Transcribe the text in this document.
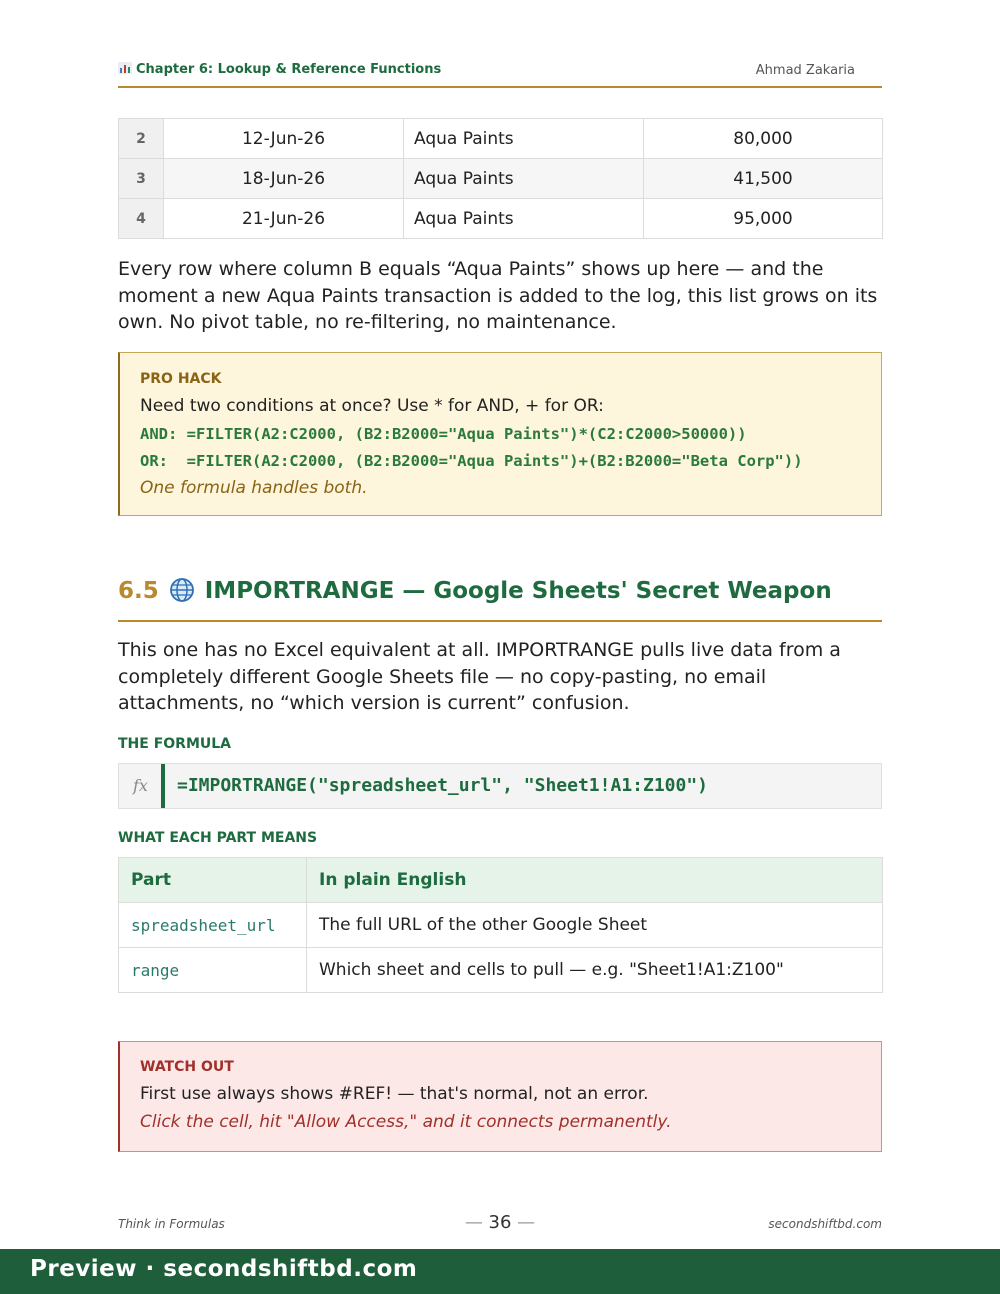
Chapter 6: Lookup & Reference Functions	Ahmad Zakaria
2	12-Jun-26	Aqua Paints	80,000
3	18-Jun-26	Aqua Paints	41,500
4	21-Jun-26	Aqua Paints	95,000
Every row where column B equals “Aqua Paints” shows up here — and the moment a new Aqua Paints transaction is added to the log, this list grows on its own. No pivot table, no re-filtering, no maintenance.
PRO HACK
Need two conditions at once? Use * for AND, + for OR:
AND: =FILTER(A2:C2000, (B2:B2000="Aqua Paints")*(C2:C2000>50000))
OR:  =FILTER(A2:C2000, (B2:B2000="Aqua Paints")+(B2:B2000="Beta Corp"))
One formula handles both.
6.5 IMPORTRANGE — Google Sheets' Secret Weapon
This one has no Excel equivalent at all. IMPORTRANGE pulls live data from a completely different Google Sheets file — no copy-pasting, no email attachments, no “which version is current” confusion.
THE FORMULA
fx =IMPORTRANGE("spreadsheet_url", "Sheet1!A1:Z100")
WHAT EACH PART MEANS
Part	In plain English
spreadsheet_url	The full URL of the other Google Sheet
range	Which sheet and cells to pull — e.g. "Sheet1!A1:Z100"
WATCH OUT
First use always shows #REF! — that's normal, not an error.
Click the cell, hit "Allow Access," and it connects permanently.
Think in Formulas	— 36 —	secondshiftbd.com
Preview · secondshiftbd.com
